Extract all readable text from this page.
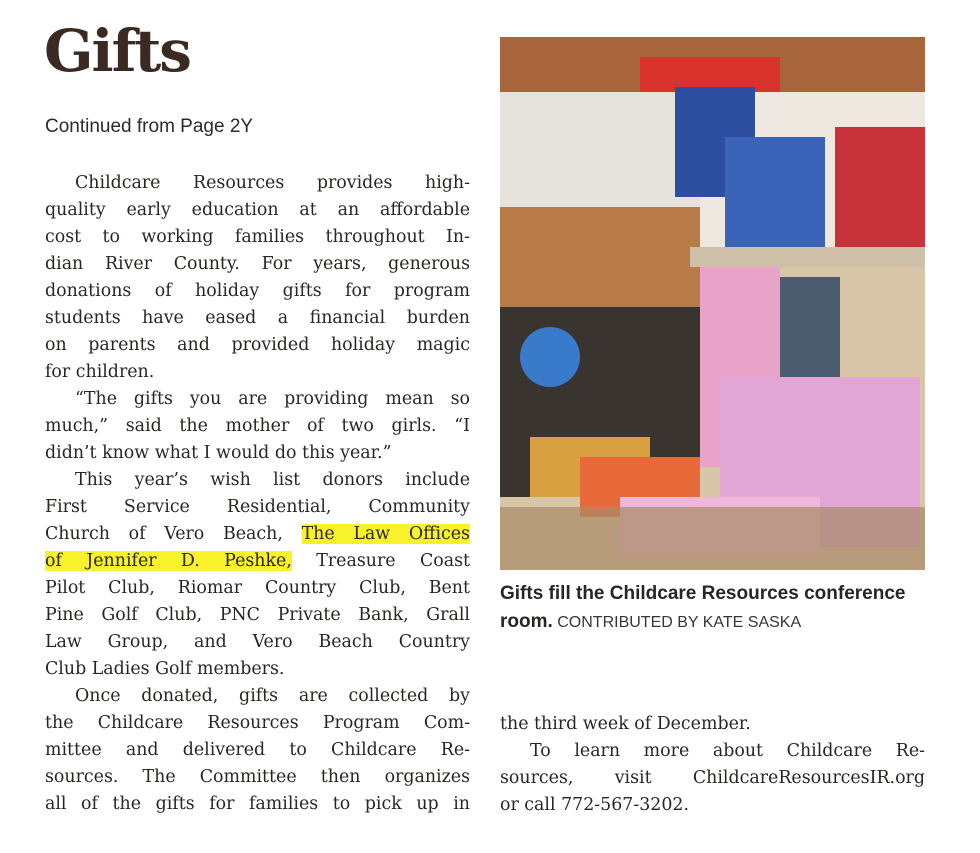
Gifts
Continued from Page 2Y
Childcare Resources provides high-
quality early education at an affordable
cost to working families throughout In-
dian River County. For years, generous
donations of holiday gifts for program
students have eased a financial burden
on parents and provided holiday magic
for children.
“The gifts you are providing mean so
much,” said the mother of two girls. “I
didn’t know what I would do this year.”
This year’s wish list donors include
First Service Residential, Community
Church of Vero Beach, The Law Offices
of Jennifer D. Peshke, Treasure Coast
Pilot Club, Riomar Country Club, Bent
Pine Golf Club, PNC Private Bank, Grall
Law Group, and Vero Beach Country
Club Ladies Golf members.
Once donated, gifts are collected by
the Childcare Resources Program Com-
mittee and delivered to Childcare Re-
sources. The Committee then organizes
all of the gifts for families to pick up in
Gifts fill the Childcare Resources conference room. CONTRIBUTED BY KATE SASKA
the third week of December.
To learn more about Childcare Re-
sources, visit ChildcareResourcesIR.org
or call 772-567-3202.
